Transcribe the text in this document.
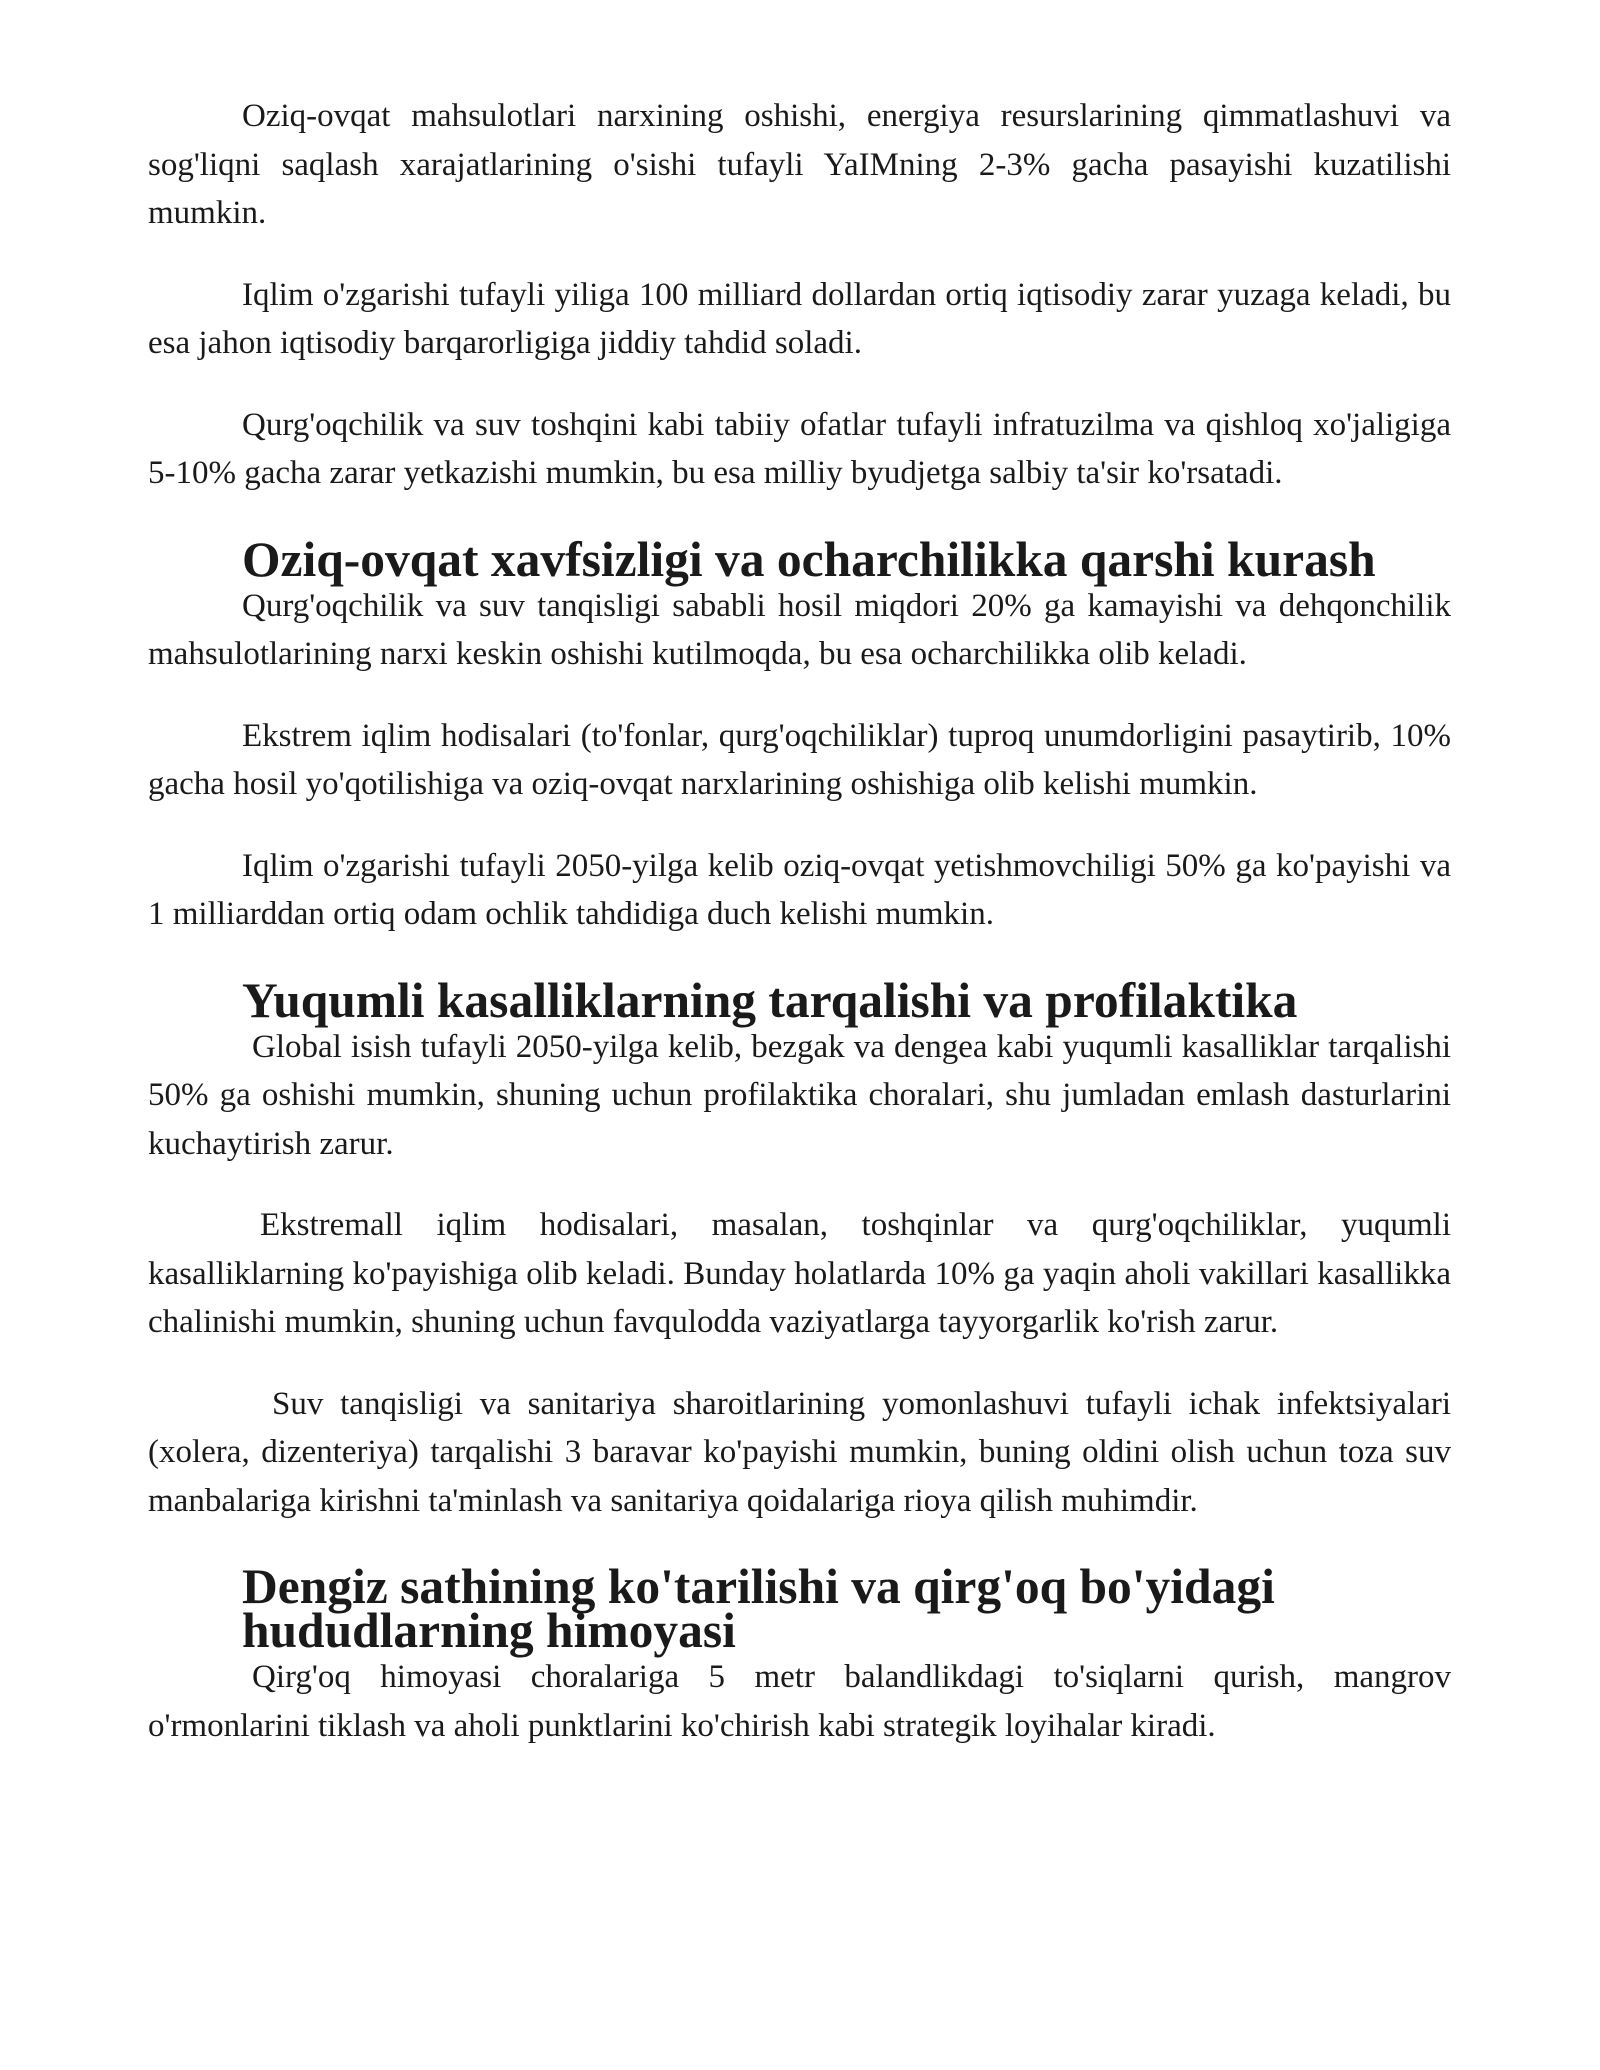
Oziq-ovqat mahsulotlari narxining oshishi, energiya resurslarining qimmatlashuvi va sog'liqni saqlash xarajatlarining o'sishi tufayli YaIMning 2-3% gacha pasayishi kuzatilishi mumkin.

Iqlim o'zgarishi tufayli yiliga 100 milliard dollardan ortiq iqtisodiy zarar yuzaga keladi, bu esa jahon iqtisodiy barqarorligiga jiddiy tahdid soladi.

Qurg'oqchilik va suv toshqini kabi tabiiy ofatlar tufayli infratuzilma va qishloq xo'jaligiga 5-10% gacha zarar yetkazishi mumkin, bu esa milliy byudjetga salbiy ta'sir ko'rsatadi.

Oziq-ovqat xavfsizligi va ocharchilikka qarshi kurash

Qurg'oqchilik va suv tanqisligi sababli hosil miqdori 20% ga kamayishi va dehqonchilik mahsulotlarining narxi keskin oshishi kutilmoqda, bu esa ocharchilikka olib keladi.

Ekstrem iqlim hodisalari (to'fonlar, qurg'oqchiliklar) tuproq unumdorligini pasaytirib, 10% gacha hosil yo'qotilishiga va oziq-ovqat narxlarining oshishiga olib kelishi mumkin.

Iqlim o'zgarishi tufayli 2050-yilga kelib oziq-ovqat yetishmovchiligi 50% ga ko'payishi va 1 milliarddan ortiq odam ochlik tahdidiga duch kelishi mumkin.

Yuqumli kasalliklarning tarqalishi va profilaktika

Global isish tufayli 2050-yilga kelib, bezgak va dengea kabi yuqumli kasalliklar tarqalishi 50% ga oshishi mumkin, shuning uchun profilaktika choralari, shu jumladan emlash dasturlarini kuchaytirish zarur.

Ekstremall iqlim hodisalari, masalan, toshqinlar va qurg'oqchiliklar, yuqumli kasalliklarning ko'payishiga olib keladi. Bunday holatlarda 10% ga yaqin aholi vakillari kasallikka chalinishi mumkin, shuning uchun favqulodda vaziyatlarga tayyorgarlik ko'rish zarur.

Suv tanqisligi va sanitariya sharoitlarining yomonlashuvi tufayli ichak infektsiyalari (xolera, dizenteriya) tarqalishi 3 baravar ko'payishi mumkin, buning oldini olish uchun toza suv manbalariga kirishni ta'minlash va sanitariya qoidalariga rioya qilish muhimdir.

Dengiz sathining ko'tarilishi va qirg'oq bo'yidagi hududlarning himoyasi

Qirg'oq himoyasi choralariga 5 metr balandlikdagi to'siqlarni qurish, mangrov o'rmonlarini tiklash va aholi punktlarini ko'chirish kabi strategik loyihalar kiradi.
